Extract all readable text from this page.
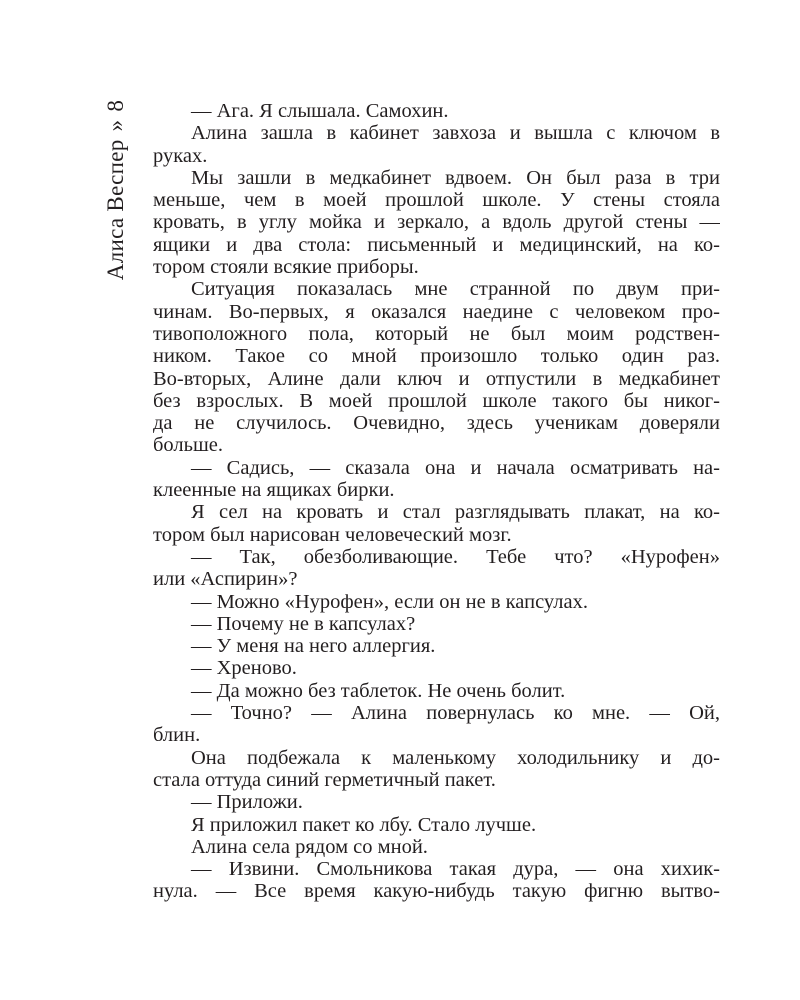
Алиса Веспер»8	— Ага. Я слышала. Самохин.
Алина зашла в кабинет завхоза и вышла с ключом в
руках.
Мы зашли в медкабинет вдвоем. Он был раза в три
меньше, чем в моей прошлой школе. У стены стояла
кровать, в углу мойка и зеркало, а вдоль другой стены —
ящики и два стола: письменный и медицинский, на ко-
тором стояли всякие приборы.
Ситуация показалась мне странной по двум при-
чинам. Во-первых, я оказался наедине с человеком про-
тивоположного пола, который не был моим родствен-
ником. Такое со мной произошло только один раз.
Во-вторых, Алине дали ключ и отпустили в медкабинет
без взрослых. В моей прошлой школе такого бы никог-
да не случилось. Очевидно, здесь ученикам доверяли
больше.
— Садись, — сказала она и начала осматривать на-
клеенные на ящиках бирки.
Я сел на кровать и стал разглядывать плакат, на ко-
тором был нарисован человеческий мозг.
— Так, обезболивающие. Тебе что? «Нурофен»
или «Аспирин»?
— Можно «Нурофен», если он не в капсулах.
— Почему не в капсулах?
— У меня на него аллергия.
— Хреново.
— Да можно без таблеток. Не очень болит.
— Точно? — Алина повернулась ко мне. — Ой,
блин.
Она подбежала к маленькому холодильнику и до-
стала оттуда синий герметичный пакет.
— Приложи.
Я приложил пакет ко лбу. Стало лучше.
Алина села рядом со мной.
— Извини. Смольникова такая дура, — она хихик-
нула. — Все время какую-нибудь такую фигню вытво-
